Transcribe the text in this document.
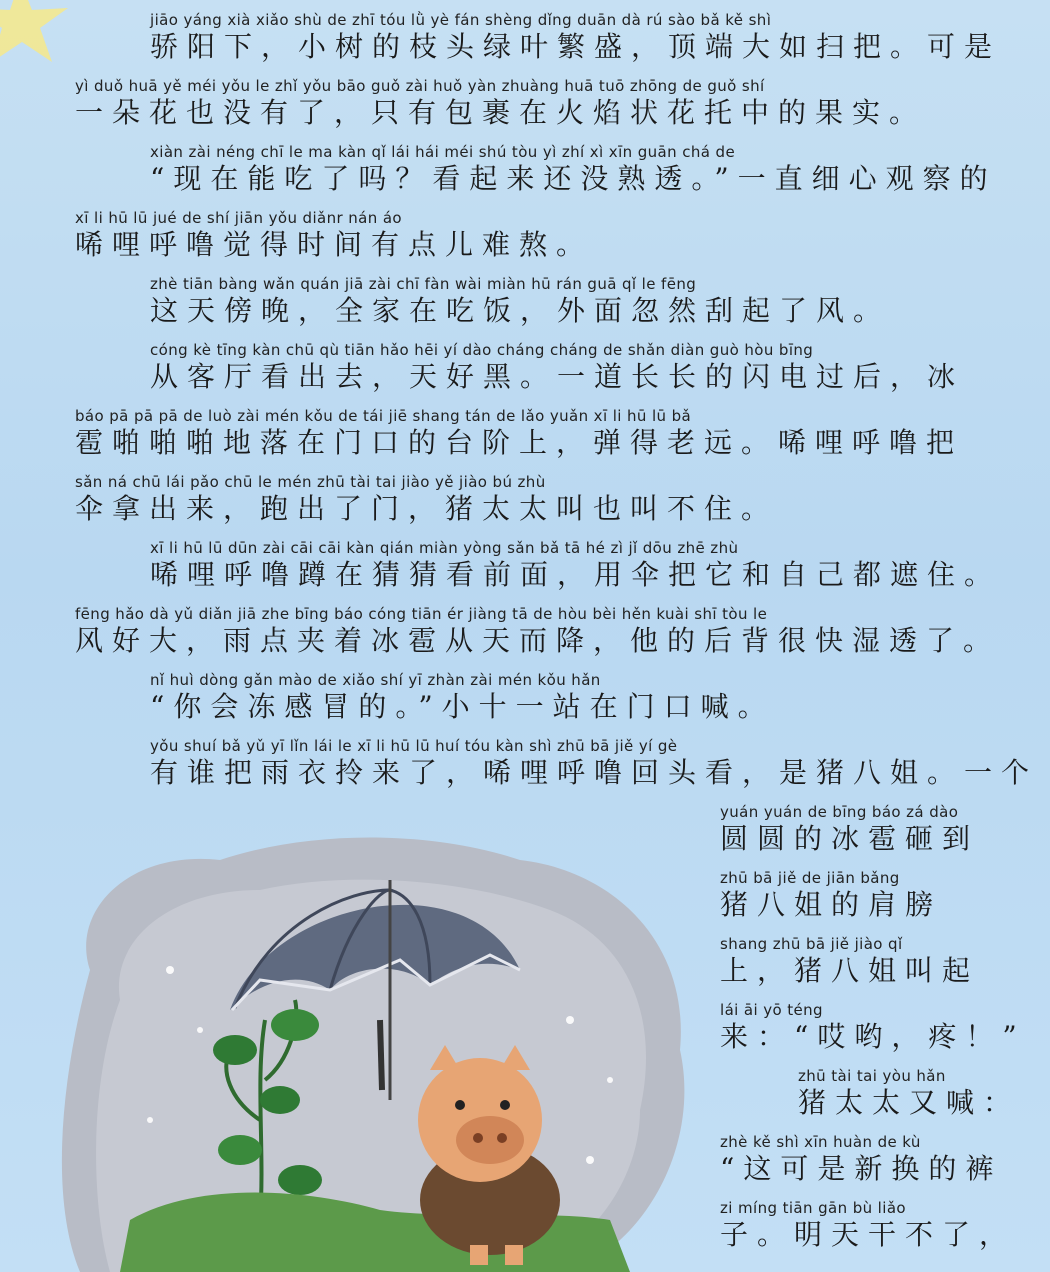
jiāo yáng xià xiǎo shù de zhī tóu lǜ yè fán shèng dǐng duān dà rú sào bǎ kě shì
骄阳下，小树的枝头绿叶繁盛，顶端大如扫把。可是
yì duǒ huā yě méi yǒu le zhǐ yǒu bāo guǒ zài huǒ yàn zhuàng huā tuō zhōng de guǒ shí
一朵花也没有了，只有包裹在火焰状花托中的果实。
xiàn zài néng chī le ma kàn qǐ lái hái méi shú tòu yì zhí xì xīn guān chá de
“现在能吃了吗？看起来还没熟透。”一直细心观察的
xī li hū lū jué de shí jiān yǒu diǎnr nán áo
唏哩呼噜觉得时间有点儿难熬。
zhè tiān bàng wǎn quán jiā zài chī fàn wài miàn hū rán guā qǐ le fēng
这天傍晚，全家在吃饭，外面忽然刮起了风。
cóng kè tīng kàn chū qù tiān hǎo hēi yí dào cháng cháng de shǎn diàn guò hòu bīng
从客厅看出去，天好黑。一道长长的闪电过后，冰
báo pā pā pā de luò zài mén kǒu de tái jiē shang tán de lǎo yuǎn xī li hū lū bǎ
雹啪啪啪地落在门口的台阶上，弹得老远。唏哩呼噜把
sǎn ná chū lái pǎo chū le mén zhū tài tai jiào yě jiào bú zhù
伞拿出来，跑出了门，猪太太叫也叫不住。
xī li hū lū dūn zài cāi cāi kàn qián miàn yòng sǎn bǎ tā hé zì jǐ dōu zhē zhù
唏哩呼噜蹲在猜猜看前面，用伞把它和自己都遮住。
fēng hǎo dà yǔ diǎn jiā zhe bīng báo cóng tiān ér jiàng tā de hòu bèi hěn kuài shī tòu le
风好大，雨点夹着冰雹从天而降，他的后背很快湿透了。
nǐ huì dòng gǎn mào de xiǎo shí yī zhàn zài mén kǒu hǎn
“你会冻感冒的。”小十一站在门口喊。
yǒu shuí bǎ yǔ yī lǐn lái le xī li hū lū huí tóu kàn shì zhū bā jiě yí gè
有谁把雨衣拎来了，唏哩呼噜回头看，是猪八姐。一个
yuán yuán de bīng báo zá dào
圆圆的冰雹砸到
zhū bā jiě de jiān bǎng
猪八姐的肩膀
shang zhū bā jiě jiào qǐ
上，猪八姐叫起
lái āi yō téng
来：“哎哟，疼！”
zhū tài tai yòu hǎn
猪太太又喊：
zhè kě shì xīn huàn de kù
“这可是新换的裤
zi míng tiān gān bù liǎo
子。明天干不了，
